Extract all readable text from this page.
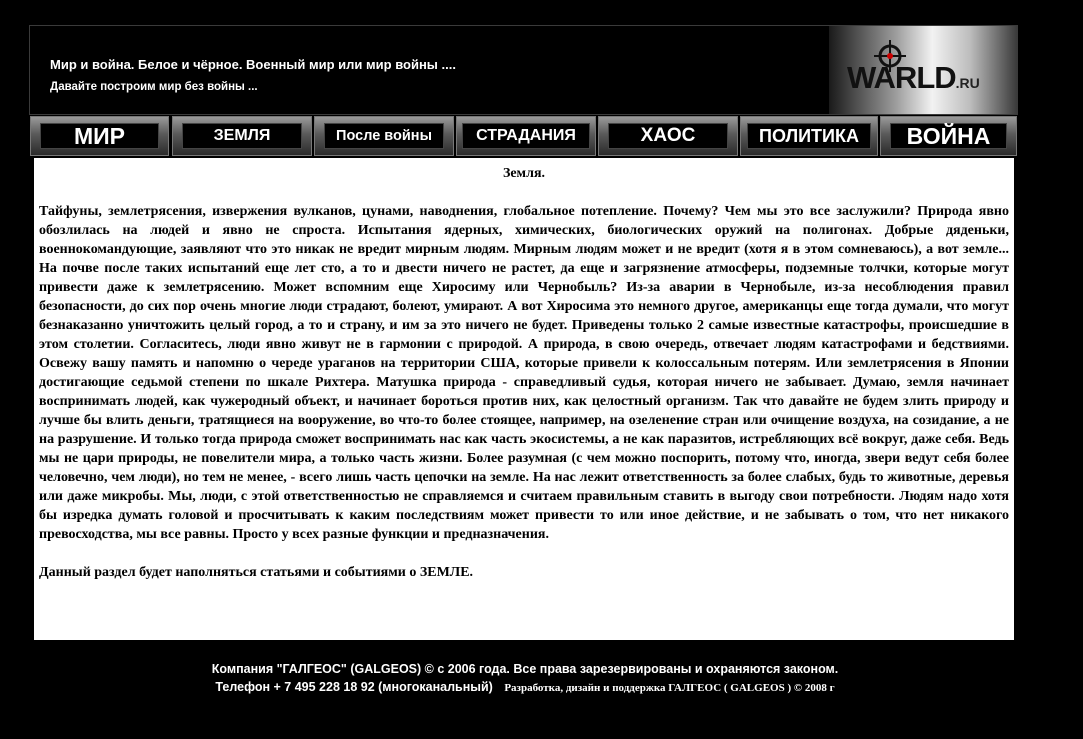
Мир и война. Белое и чёрное. Военный мир или мир войны ....
Давайте построим мир без войны ...	WARLD.RU
МИР	ЗЕМЛЯ	После войны	СТРАДАНИЯ	ХАОС	ПОЛИТИКА	ВОЙНА

Земля.

Тайфуны, землетрясения, извержения вулканов, цунами, наводнения, глобальное потепление. Почему? Чем мы это все заслужили? Природа явно обозлилась на людей и явно не спроста. Испытания ядерных, химических, биологических оружий на полигонах. Добрые дяденьки, военнокомандующие, заявляют что это никак не вредит мирным людям. Мирным людям может и не вредит (хотя я в этом сомневаюсь), а вот земле... На почве после таких испытаний еще лет сто, а то и двести ничего не растет, да еще и загрязнение атмосферы, подземные толчки, которые могут привести даже к землетрясению. Может вспомним еще Хиросиму или Чернобыль? Из-за аварии в Чернобыле, из-за несоблюдения правил безопасности, до сих пор очень многие люди страдают, болеют, умирают. А вот Хиросима это немного другое, американцы еще тогда думали, что могут безнаказанно уничтожить целый город, а то и страну, и им за это ничего не будет. Приведены только 2 самые известные катастрофы, происшедшие в этом столетии. Согласитесь, люди явно живут не в гармонии с природой. А природа, в свою очередь, отвечает людям катастрофами и бедствиями. Освежу вашу память и напомню о череде ураганов на территории США, которые привели к колоссальным потерям. Или землетрясения в Японии достигающие седьмой степени по шкале Рихтера. Матушка природа - справедливый судья, которая ничего не забывает. Думаю, земля начинает воспринимать людей, как чужеродный объект, и начинает бороться против них, как целостный организм. Так что давайте не будем злить природу и лучше бы влить деньги, тратящиеся на вооружение, во что-то более стоящее, например, на озеленение стран или очищение воздуха, на созидание, а не на разрушение. И только тогда природа сможет воспринимать нас как часть экосистемы, а не как паразитов, истребляющих всё вокруг, даже себя. Ведь мы не цари природы, не повелители мира, а только часть жизни. Более разумная (с чем можно поспорить, потому что, иногда, звери ведут себя более человечно, чем люди), но тем не менее, - всего лишь часть цепочки на земле. На нас лежит ответственность за более слабых, будь то животные, деревья или даже микробы. Мы, люди, с этой ответственностью не справляемся и считаем правильным ставить в выгоду свои потребности. Людям надо хотя бы изредка думать головой и просчитывать к каким последствиям может привести то или иное действие, и не забывать о том, что нет никакого превосходства, мы все равны. Просто у всех разные функции и предназначения.

Данный раздел будет наполняться статьями и событиями о ЗЕМЛЕ.

Компания "ГАЛГЕОС" (GALGEOS) © с 2006 года. Все права зарезервированы и охраняются законом.
Телефон + 7 495 228 18 92 (многоканальный) Разработка, дизайн и поддержка ГАЛГЕОС ( GALGEOS ) © 2008 г
